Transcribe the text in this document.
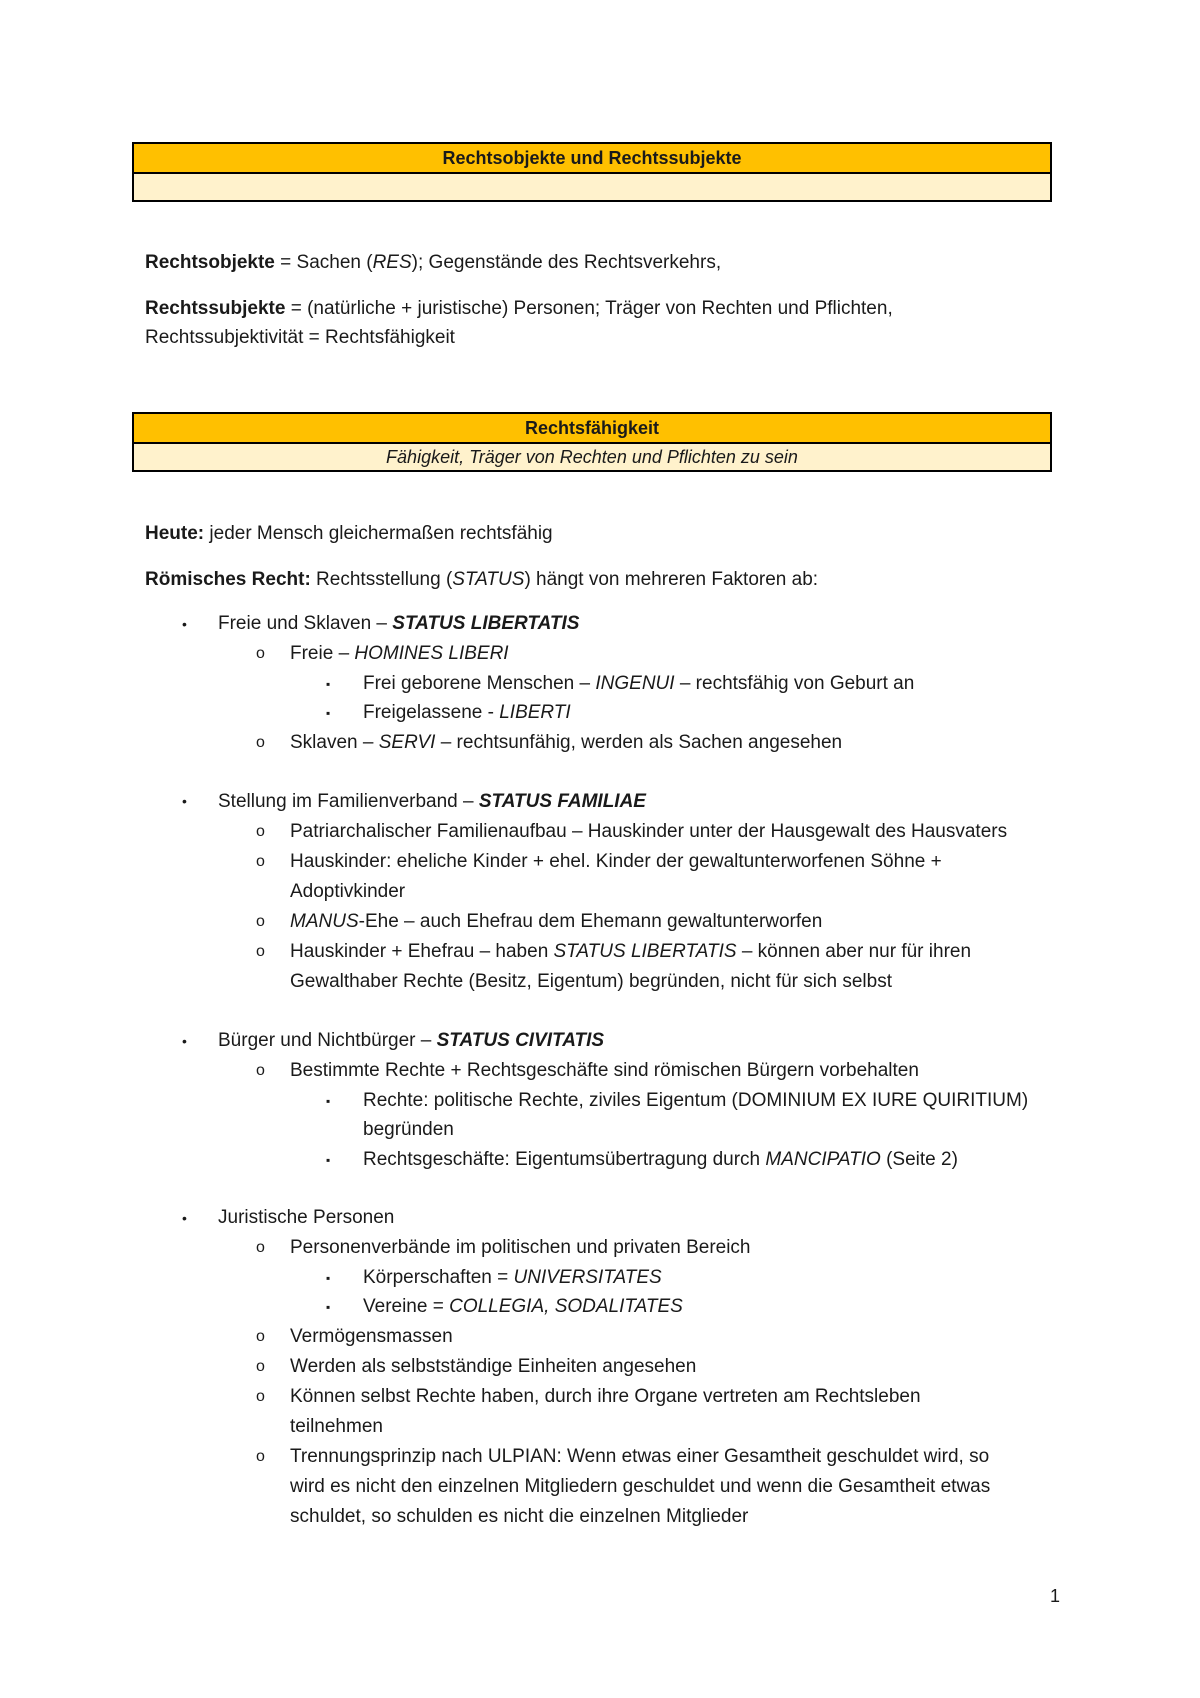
Rechtsobjekte und Rechtssubjekte
Rechtsobjekte = Sachen (RES); Gegenstände des Rechtsverkehrs,
Rechtssubjekte = (natürliche + juristische) Personen; Träger von Rechten und Pflichten,
Rechtssubjektivität = Rechtsfähigkeit
Rechtsfähigkeit
Fähigkeit, Träger von Rechten und Pflichten zu sein
Heute: jeder Mensch gleichermaßen rechtsfähig
Römisches Recht: Rechtsstellung (STATUS) hängt von mehreren Faktoren ab:
• Freie und Sklaven – STATUS LIBERTATIS
o Freie – HOMINES LIBERI
▪ Frei geborene Menschen – INGENUI – rechtsfähig von Geburt an
▪ Freigelassene - LIBERTI
o Sklaven – SERVI – rechtsunfähig, werden als Sachen angesehen
• Stellung im Familienverband – STATUS FAMILIAE
o Patriarchalischer Familienaufbau – Hauskinder unter der Hausgewalt des Hausvaters
o Hauskinder: eheliche Kinder + ehel. Kinder der gewaltunterworfenen Söhne +
Adoptivkinder
o MANUS-Ehe – auch Ehefrau dem Ehemann gewaltunterworfen
o Hauskinder + Ehefrau – haben STATUS LIBERTATIS – können aber nur für ihren
Gewalthaber Rechte (Besitz, Eigentum) begründen, nicht für sich selbst
• Bürger und Nichtbürger – STATUS CIVITATIS
o Bestimmte Rechte + Rechtsgeschäfte sind römischen Bürgern vorbehalten
▪ Rechte: politische Rechte, ziviles Eigentum (DOMINIUM EX IURE QUIRITIUM)
begründen
▪ Rechtsgeschäfte: Eigentumsübertragung durch MANCIPATIO (Seite 2)
• Juristische Personen
o Personenverbände im politischen und privaten Bereich
▪ Körperschaften = UNIVERSITATES
▪ Vereine = COLLEGIA, SODALITATES
o Vermögensmassen
o Werden als selbstständige Einheiten angesehen
o Können selbst Rechte haben, durch ihre Organe vertreten am Rechtsleben
teilnehmen
o Trennungsprinzip nach ULPIAN: Wenn etwas einer Gesamtheit geschuldet wird, so
wird es nicht den einzelnen Mitgliedern geschuldet und wenn die Gesamtheit etwas
schuldet, so schulden es nicht die einzelnen Mitglieder
1
